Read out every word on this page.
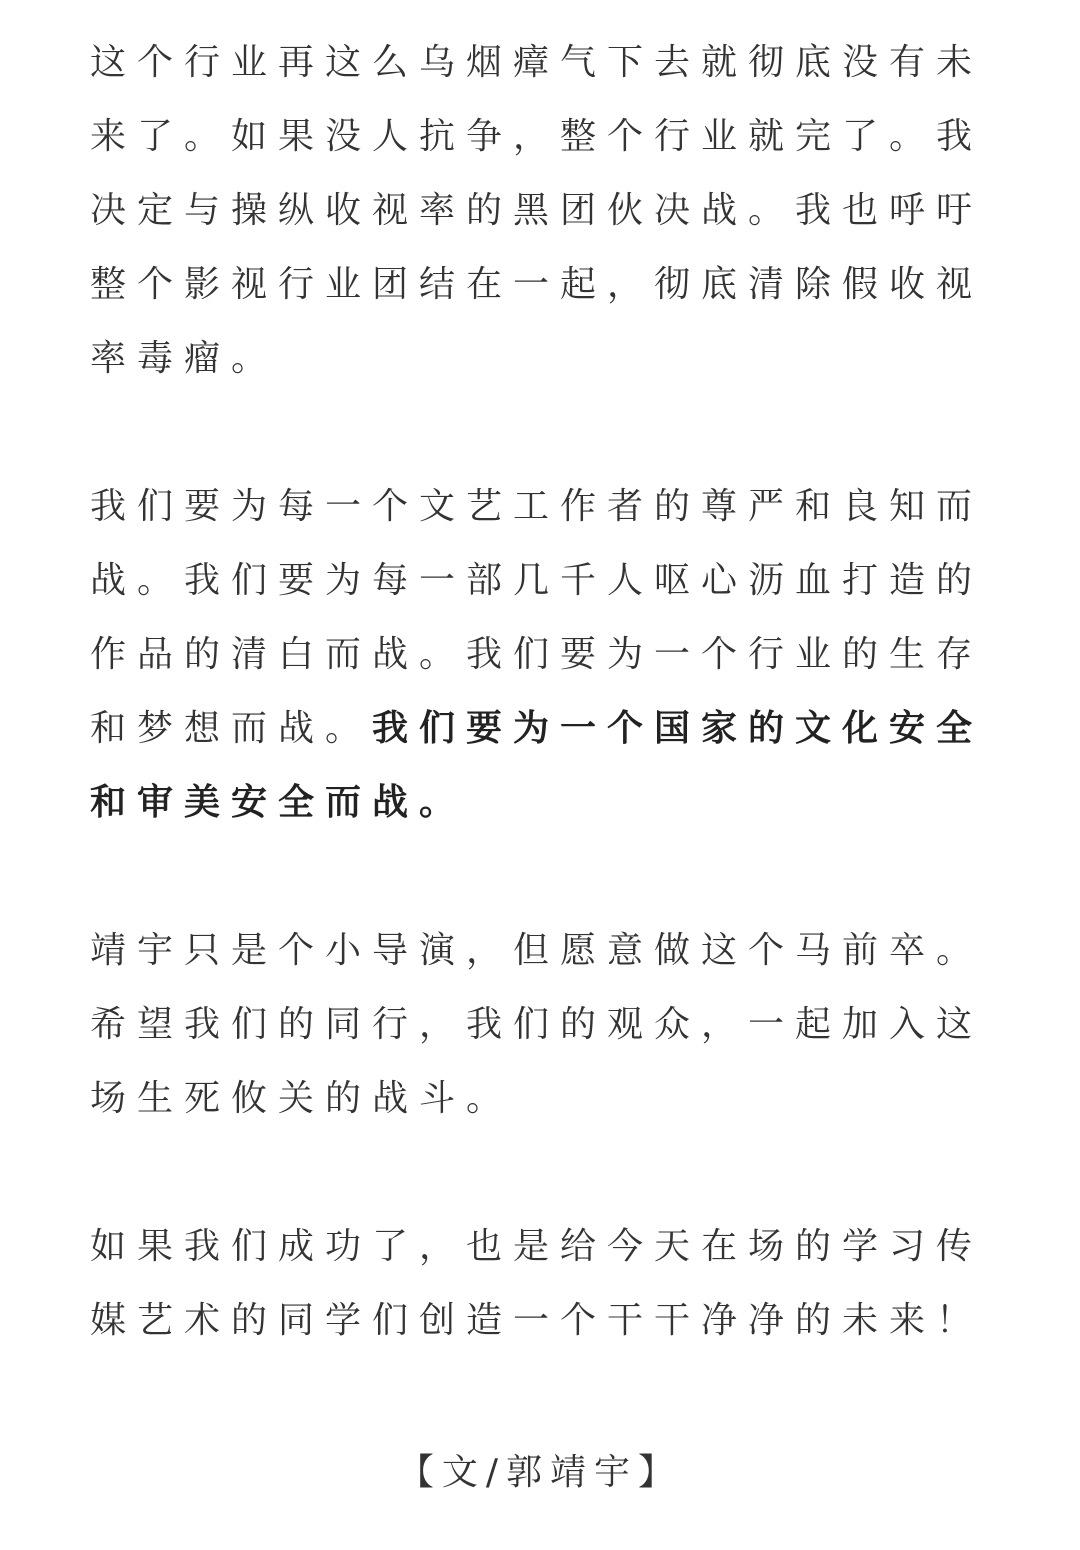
这个行业再这么乌烟瘴气下去就彻底没有未来了。如果没人抗争，整个行业就完了。我决定与操纵收视率的黑团伙决战。我也呼吁整个影视行业团结在一起，彻底清除假收视率毒瘤。

我们要为每一个文艺工作者的尊严和良知而战。我们要为每一部几千人呕心沥血打造的作品的清白而战。我们要为一个行业的生存和梦想而战。我们要为一个国家的文化安全和审美安全而战。

靖宇只是个小导演，但愿意做这个马前卒。希望我们的同行，我们的观众，一起加入这场生死攸关的战斗。

如果我们成功了，也是给今天在场的学习传媒艺术的同学们创造一个干干净净的未来！

【文/郭靖宇】
